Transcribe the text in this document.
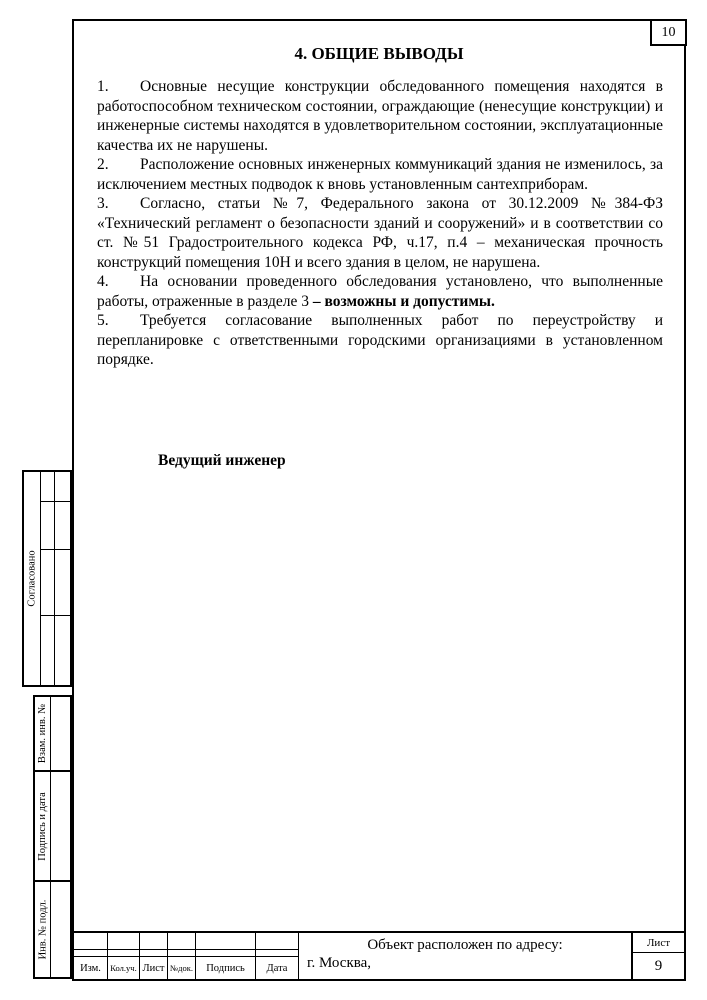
10
4. ОБЩИЕ ВЫВОДЫ

1. Основные несущие конструкции обследованного помещения находятся в работоспособном техническом состоянии, ограждающие (ненесущие конструкции) и инженерные системы находятся в удовлетворительном состоянии, эксплуатационные качества их не нарушены.

2. Расположение основных инженерных коммуникаций здания не изменилось, за исключением местных подводок к вновь установленным сантехприборам.

3. Согласно, статьи №7, Федерального закона от 30.12.2009 №384-ФЗ «Технический регламент о безопасности зданий и сооружений» и в соответствии со ст. №51 Градостроительного кодекса РФ, ч.17, п.4 – механическая прочность конструкций помещения 10Н и всего здания в целом, не нарушена.

4. На основании проведенного обследования установлено, что выполненные работы, отраженные в разделе 3 – возможны и допустимы.

5. Требуется согласование выполненных работ по переустройству и перепланировке с ответственными городскими организациями в установленном порядке.

Ведущий инженер
Согласовано
Взам. инв. №
Подпись и дата
Инв. № подл.
Изм.	Кол.уч. Лист №док.	Подпись	Дата
Объект расположен по адресу:
г. Москва,
Лист
9
